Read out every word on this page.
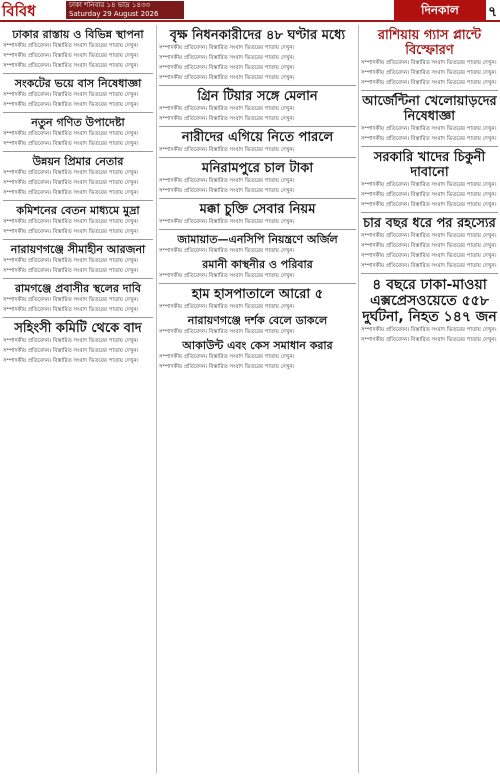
বিবিধ	ঢাকা শনিবার ১৪ ভাদ্র ১৪৩৩
Saturday 29 August 2026	দিনকাল	৭
ঢাকার রাস্তায় ও বিভিন্ন স্থাপনা

সম্পাদকীয় প্রতিবেদন। বিস্তারিত সংবাদ ভিতরের পাতায় দেখুন।

সম্পাদকীয় প্রতিবেদন। বিস্তারিত সংবাদ ভিতরের পাতায় দেখুন।

সম্পাদকীয় প্রতিবেদন। বিস্তারিত সংবাদ ভিতরের পাতায় দেখুন।

সংকটের ভয়ে বাস নিষেধাজ্ঞা

সম্পাদকীয় প্রতিবেদন। বিস্তারিত সংবাদ ভিতরের পাতায় দেখুন।

সম্পাদকীয় প্রতিবেদন। বিস্তারিত সংবাদ ভিতরের পাতায় দেখুন।

নতুন গণিত উপাদেষ্টা

সম্পাদকীয় প্রতিবেদন। বিস্তারিত সংবাদ ভিতরের পাতায় দেখুন।

সম্পাদকীয় প্রতিবেদন। বিস্তারিত সংবাদ ভিতরের পাতায় দেখুন।

উন্নয়ন প্রিমার নেতার

সম্পাদকীয় প্রতিবেদন। বিস্তারিত সংবাদ ভিতরের পাতায় দেখুন।

সম্পাদকীয় প্রতিবেদন। বিস্তারিত সংবাদ ভিতরের পাতায় দেখুন।

সম্পাদকীয় প্রতিবেদন। বিস্তারিত সংবাদ ভিতরের পাতায় দেখুন।

কমিশনের বেতন মাধ্যমে মুদ্রা

সম্পাদকীয় প্রতিবেদন। বিস্তারিত সংবাদ ভিতরের পাতায় দেখুন।

সম্পাদকীয় প্রতিবেদন। বিস্তারিত সংবাদ ভিতরের পাতায় দেখুন।

নারায়ণগঞ্জে সীমাহীন আরজনা

সম্পাদকীয় প্রতিবেদন। বিস্তারিত সংবাদ ভিতরের পাতায় দেখুন।

সম্পাদকীয় প্রতিবেদন। বিস্তারিত সংবাদ ভিতরের পাতায় দেখুন।

রামগঞ্জে প্রবাসীর স্থলের দাবি

সম্পাদকীয় প্রতিবেদন। বিস্তারিত সংবাদ ভিতরের পাতায় দেখুন।

সম্পাদকীয় প্রতিবেদন। বিস্তারিত সংবাদ ভিতরের পাতায় দেখুন।

সহিংসী কমিটি থেকে বাদ

সম্পাদকীয় প্রতিবেদন। বিস্তারিত সংবাদ ভিতরের পাতায় দেখুন।

সম্পাদকীয় প্রতিবেদন। বিস্তারিত সংবাদ ভিতরের পাতায় দেখুন।

সম্পাদকীয় প্রতিবেদন। বিস্তারিত সংবাদ ভিতরের পাতায় দেখুন।

বৃক্ষ নিধনকারীদের ৪৮ ঘণ্টার মধ্যে

সম্পাদকীয় প্রতিবেদন। বিস্তারিত সংবাদ ভিতরের পাতায় দেখুন।

সম্পাদকীয় প্রতিবেদন। বিস্তারিত সংবাদ ভিতরের পাতায় দেখুন।

সম্পাদকীয় প্রতিবেদন। বিস্তারিত সংবাদ ভিতরের পাতায় দেখুন।

সম্পাদকীয় প্রতিবেদন। বিস্তারিত সংবাদ ভিতরের পাতায় দেখুন।

গ্রিন টিয়ার সঙ্গে মেলান

সম্পাদকীয় প্রতিবেদন। বিস্তারিত সংবাদ ভিতরের পাতায় দেখুন।

সম্পাদকীয় প্রতিবেদন। বিস্তারিত সংবাদ ভিতরের পাতায় দেখুন।

নারীদের এগিয়ে নিতে পারলে

সম্পাদকীয় প্রতিবেদন। বিস্তারিত সংবাদ ভিতরের পাতায় দেখুন।

মনিরামপুরে চাল টাকা

সম্পাদকীয় প্রতিবেদন। বিস্তারিত সংবাদ ভিতরের পাতায় দেখুন।

সম্পাদকীয় প্রতিবেদন। বিস্তারিত সংবাদ ভিতরের পাতায় দেখুন।

মক্কা চুক্তি সেবার নিয়ম

সম্পাদকীয় প্রতিবেদন। বিস্তারিত সংবাদ ভিতরের পাতায় দেখুন।

জামায়াত—এনসিপি নিয়ন্ত্রণে অর্জিল

সম্পাদকীয় প্রতিবেদন। বিস্তারিত সংবাদ ভিতরের পাতায় দেখুন।

রমানী কাস্থনীর ও পরিবার

সম্পাদকীয় প্রতিবেদন। বিস্তারিত সংবাদ ভিতরের পাতায় দেখুন।

হাম হাসপাতালে আরো ৫

সম্পাদকীয় প্রতিবেদন। বিস্তারিত সংবাদ ভিতরের পাতায় দেখুন।

নারায়ণগঞ্জে দর্শক বেলে ডাকলে

সম্পাদকীয় প্রতিবেদন। বিস্তারিত সংবাদ ভিতরের পাতায় দেখুন।

আকাউন্ট এবং কেস সমাধান করার

সম্পাদকীয় প্রতিবেদন। বিস্তারিত সংবাদ ভিতরের পাতায় দেখুন।

সম্পাদকীয় প্রতিবেদন। বিস্তারিত সংবাদ ভিতরের পাতায় দেখুন।

রাশিয়ায় গ্যাস প্লান্টে বিস্ফোরণ

সম্পাদকীয় প্রতিবেদন। বিস্তারিত সংবাদ ভিতরের পাতায় দেখুন।

সম্পাদকীয় প্রতিবেদন। বিস্তারিত সংবাদ ভিতরের পাতায় দেখুন।

সম্পাদকীয় প্রতিবেদন। বিস্তারিত সংবাদ ভিতরের পাতায় দেখুন।

আর্জেন্টিনা খেলোয়াড়দের নিষেধাজ্ঞা

সম্পাদকীয় প্রতিবেদন। বিস্তারিত সংবাদ ভিতরের পাতায় দেখুন।

সম্পাদকীয় প্রতিবেদন। বিস্তারিত সংবাদ ভিতরের পাতায় দেখুন।

সরকারি খাদের চিকুনী দাবানো

সম্পাদকীয় প্রতিবেদন। বিস্তারিত সংবাদ ভিতরের পাতায় দেখুন।

সম্পাদকীয় প্রতিবেদন। বিস্তারিত সংবাদ ভিতরের পাতায় দেখুন।

সম্পাদকীয় প্রতিবেদন। বিস্তারিত সংবাদ ভিতরের পাতায় দেখুন।

চার বছর ধরে পর রহস্যের

সম্পাদকীয় প্রতিবেদন। বিস্তারিত সংবাদ ভিতরের পাতায় দেখুন।

সম্পাদকীয় প্রতিবেদন। বিস্তারিত সংবাদ ভিতরের পাতায় দেখুন।

সম্পাদকীয় প্রতিবেদন। বিস্তারিত সংবাদ ভিতরের পাতায় দেখুন।

সম্পাদকীয় প্রতিবেদন। বিস্তারিত সংবাদ ভিতরের পাতায় দেখুন।

৪ বছরে ঢাকা-মাওয়া এক্সপ্রেসওয়েতে ৫৫৮ দুর্ঘটনা, নিহত ১৪৭ জন

সম্পাদকীয় প্রতিবেদন। বিস্তারিত সংবাদ ভিতরের পাতায় দেখুন।

সম্পাদকীয় প্রতিবেদন। বিস্তারিত সংবাদ ভিতরের পাতায় দেখুন।
